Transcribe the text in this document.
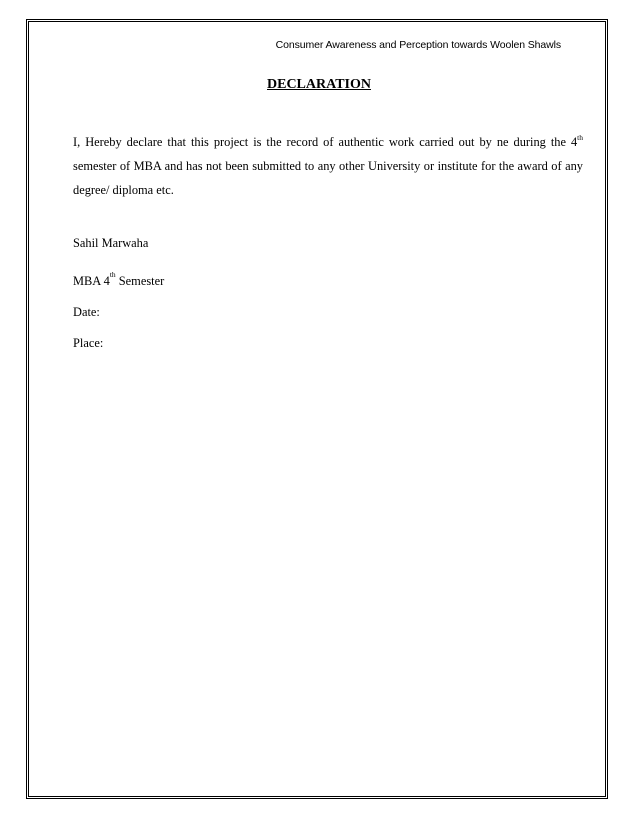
Consumer Awareness and Perception towards Woolen Shawls
DECLARATION
I, Hereby declare that this project is the record of authentic work carried out by ne during the 4th semester of MBA and has not been submitted to any other University or institute for the award of any degree/ diploma etc.
Sahil Marwaha
MBA 4th Semester
Date:
Place:
